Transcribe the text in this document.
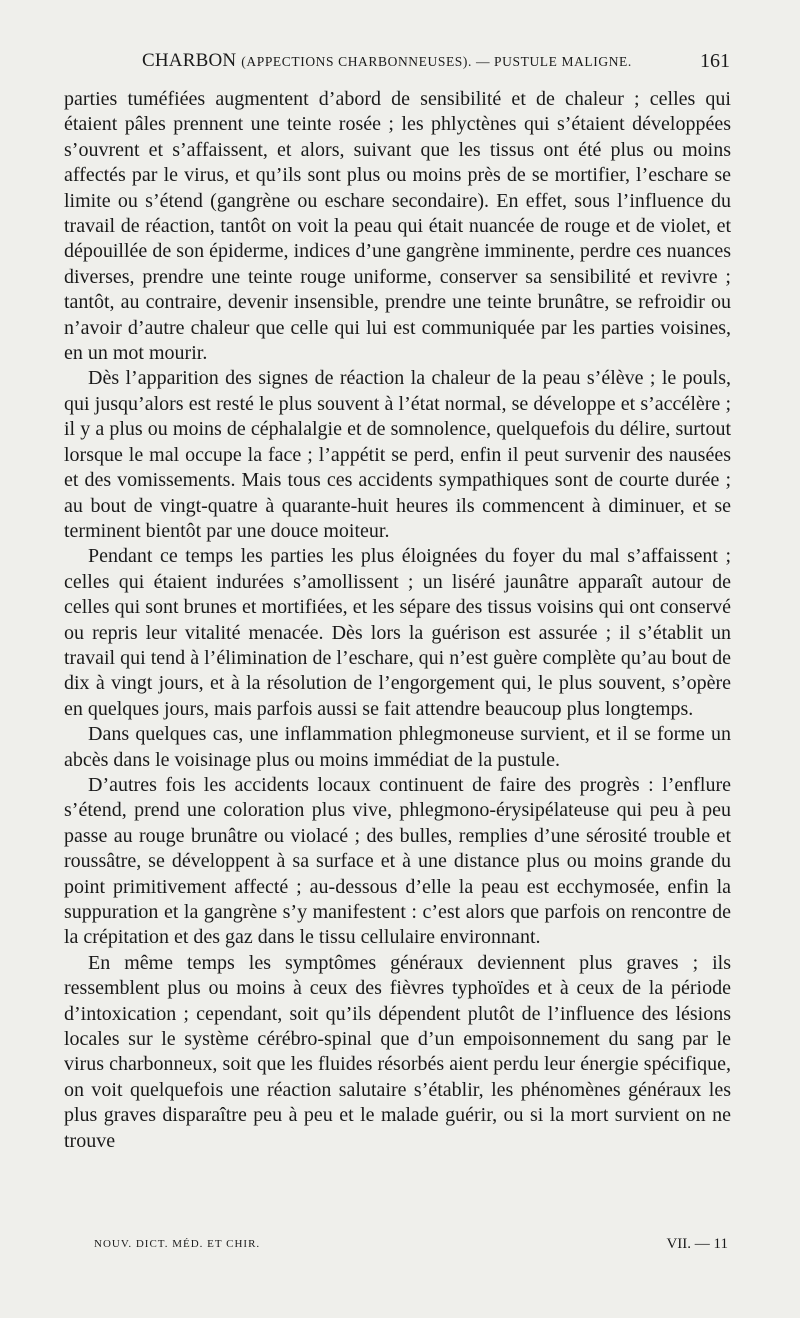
CHARBON (APPECTIONS CHARBONNEUSES). — PUSTULE MALIGNE.	161

parties tuméfiées augmentent d’abord de sensibilité et de chaleur ; celles qui étaient pâles prennent une teinte rosée ; les phlyctènes qui s’étaient développées s’ouvrent et s’affaissent, et alors, suivant que les tissus ont été plus ou moins affectés par le virus, et qu’ils sont plus ou moins près de se mortifier, l’eschare se limite ou s’étend (gangrène ou eschare secondaire). En effet, sous l’influence du travail de réaction, tantôt on voit la peau qui était nuancée de rouge et de violet, et dépouillée de son épiderme, indices d’une gangrène imminente, perdre ces nuances diverses, prendre une teinte rouge uniforme, conserver sa sensibilité et revivre ; tantôt, au contraire, devenir insensible, prendre une teinte brunâtre, se refroidir ou n’avoir d’autre chaleur que celle qui lui est communiquée par les parties voisines, en un mot mourir.

Dès l’apparition des signes de réaction la chaleur de la peau s’élève ; le pouls, qui jusqu’alors est resté le plus souvent à l’état normal, se développe et s’accélère ; il y a plus ou moins de céphalalgie et de somnolence, quelquefois du délire, surtout lorsque le mal occupe la face ; l’appétit se perd, enfin il peut survenir des nausées et des vomissements. Mais tous ces accidents sympathiques sont de courte durée ; au bout de vingt-quatre à quarante-huit heures ils commencent à diminuer, et se terminent bientôt par une douce moiteur.

Pendant ce temps les parties les plus éloignées du foyer du mal s’affaissent ; celles qui étaient indurées s’amollissent ; un liséré jaunâtre apparaît autour de celles qui sont brunes et mortifiées, et les sépare des tissus voisins qui ont conservé ou repris leur vitalité menacée. Dès lors la guérison est assurée ; il s’établit un travail qui tend à l’élimination de l’eschare, qui n’est guère complète qu’au bout de dix à vingt jours, et à la résolution de l’engorgement qui, le plus souvent, s’opère en quelques jours, mais parfois aussi se fait attendre beaucoup plus longtemps.

Dans quelques cas, une inflammation phlegmoneuse survient, et il se forme un abcès dans le voisinage plus ou moins immédiat de la pustule.

D’autres fois les accidents locaux continuent de faire des progrès : l’enflure s’étend, prend une coloration plus vive, phlegmono-érysipélateuse qui peu à peu passe au rouge brunâtre ou violacé ; des bulles, remplies d’une sérosité trouble et roussâtre, se développent à sa surface et à une distance plus ou moins grande du point primitivement affecté ; au-dessous d’elle la peau est ecchymosée, enfin la suppuration et la gangrène s’y manifestent : c’est alors que parfois on rencontre de la crépitation et des gaz dans le tissu cellulaire environnant.

En même temps les symptômes généraux deviennent plus graves ; ils ressemblent plus ou moins à ceux des fièvres typhoïdes et à ceux de la période d’intoxication ; cependant, soit qu’ils dépendent plutôt de l’influence des lésions locales sur le système cérébro-spinal que d’un empoisonnement du sang par le virus charbonneux, soit que les fluides résorbés aient perdu leur énergie spécifique, on voit quelquefois une réaction salutaire s’établir, les phénomènes généraux les plus graves disparaître peu à peu et le malade guérir, ou si la mort survient on ne trouve

NOUV. DICT. MÉD. ET CHIR.	VII. — 11
